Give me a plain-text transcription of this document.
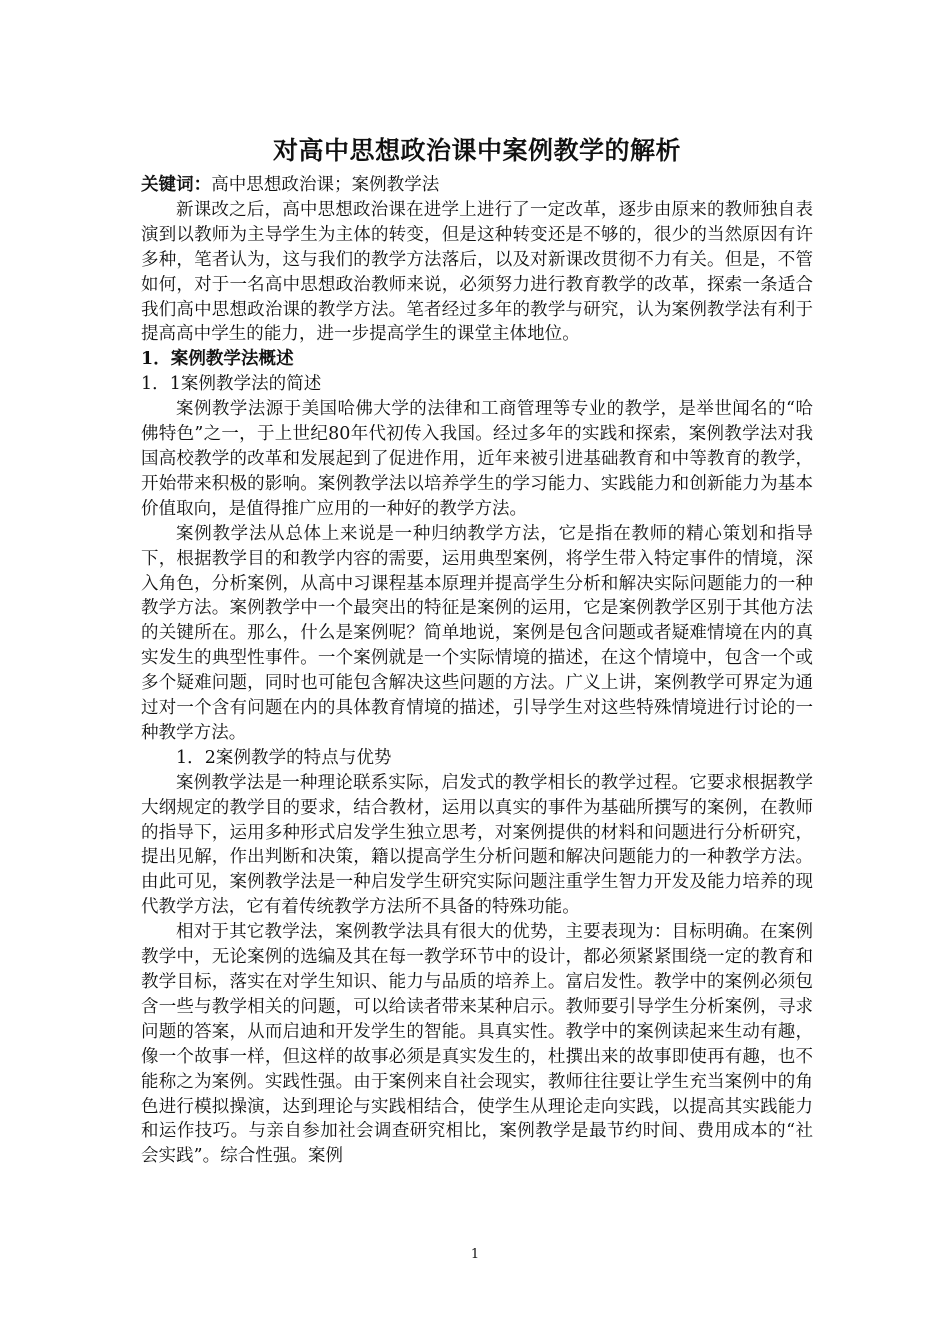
对高中思想政治课中案例教学的解析

关键词：高中思想政治课；案例教学法

新课改之后，高中思想政治课在进学上进行了一定改革，逐步由原来的教师独自表演到以教师为主导学生为主体的转变，但是这种转变还是不够的，很少的当然原因有许多种，笔者认为，这与我们的教学方法落后，以及对新课改贯彻不力有关。但是，不管如何，对于一名高中思想政治教师来说，必须努力进行教育教学的改革，探索一条适合我们高中思想政治课的教学方法。笔者经过多年的教学与研究，认为案例教学法有利于提高高中学生的能力，进一步提高学生的课堂主体地位。

1．案例教学法概述

1．1案例教学法的简述

案例教学法源于美国哈佛大学的法律和工商管理等专业的教学，是举世闻名的“哈佛特色”之一，于上世纪80年代初传入我国。经过多年的实践和探索，案例教学法对我国高校教学的改革和发展起到了促进作用，近年来被引进基础教育和中等教育的教学，开始带来积极的影响。案例教学法以培养学生的学习能力、实践能力和创新能力为基本价值取向，是值得推广应用的一种好的教学方法。

案例教学法从总体上来说是一种归纳教学方法，它是指在教师的精心策划和指导下，根据教学目的和教学内容的需要，运用典型案例，将学生带入特定事件的情境，深入角色，分析案例，从高中习课程基本原理并提高学生分析和解决实际问题能力的一种教学方法。案例教学中一个最突出的特征是案例的运用，它是案例教学区别于其他方法的关键所在。那么，什么是案例呢？简单地说，案例是包含问题或者疑难情境在内的真实发生的典型性事件。一个案例就是一个实际情境的描述，在这个情境中，包含一个或多个疑难问题，同时也可能包含解决这些问题的方法。广义上讲，案例教学可界定为通过对一个含有问题在内的具体教育情境的描述，引导学生对这些特殊情境进行讨论的一种教学方法。

1．2案例教学的特点与优势

案例教学法是一种理论联系实际，启发式的教学相长的教学过程。它要求根据教学大纲规定的教学目的要求，结合教材，运用以真实的事件为基础所撰写的案例，在教师的指导下，运用多种形式启发学生独立思考，对案例提供的材料和问题进行分析研究，提出见解，作出判断和决策，籍以提高学生分析问题和解决问题能力的一种教学方法。由此可见，案例教学法是一种启发学生研究实际问题注重学生智力开发及能力培养的现代教学方法，它有着传统教学方法所不具备的特殊功能。

相对于其它教学法，案例教学法具有很大的优势，主要表现为：目标明确。在案例教学中，无论案例的选编及其在每一教学环节中的设计，都必须紧紧围绕一定的教育和教学目标，落实在对学生知识、能力与品质的培养上。富启发性。教学中的案例必须包含一些与教学相关的问题，可以给读者带来某种启示。教师要引导学生分析案例，寻求问题的答案，从而启迪和开发学生的智能。具真实性。教学中的案例读起来生动有趣，像一个故事一样，但这样的故事必须是真实发生的，杜撰出来的故事即使再有趣，也不能称之为案例。实践性强。由于案例来自社会现实，教师往往要让学生充当案例中的角色进行模拟操演，达到理论与实践相结合，使学生从理论走向实践，以提高其实践能力和运作技巧。与亲自参加社会调查研究相比，案例教学是最节约时间、费用成本的“社会实践”。综合性强。案例

1
